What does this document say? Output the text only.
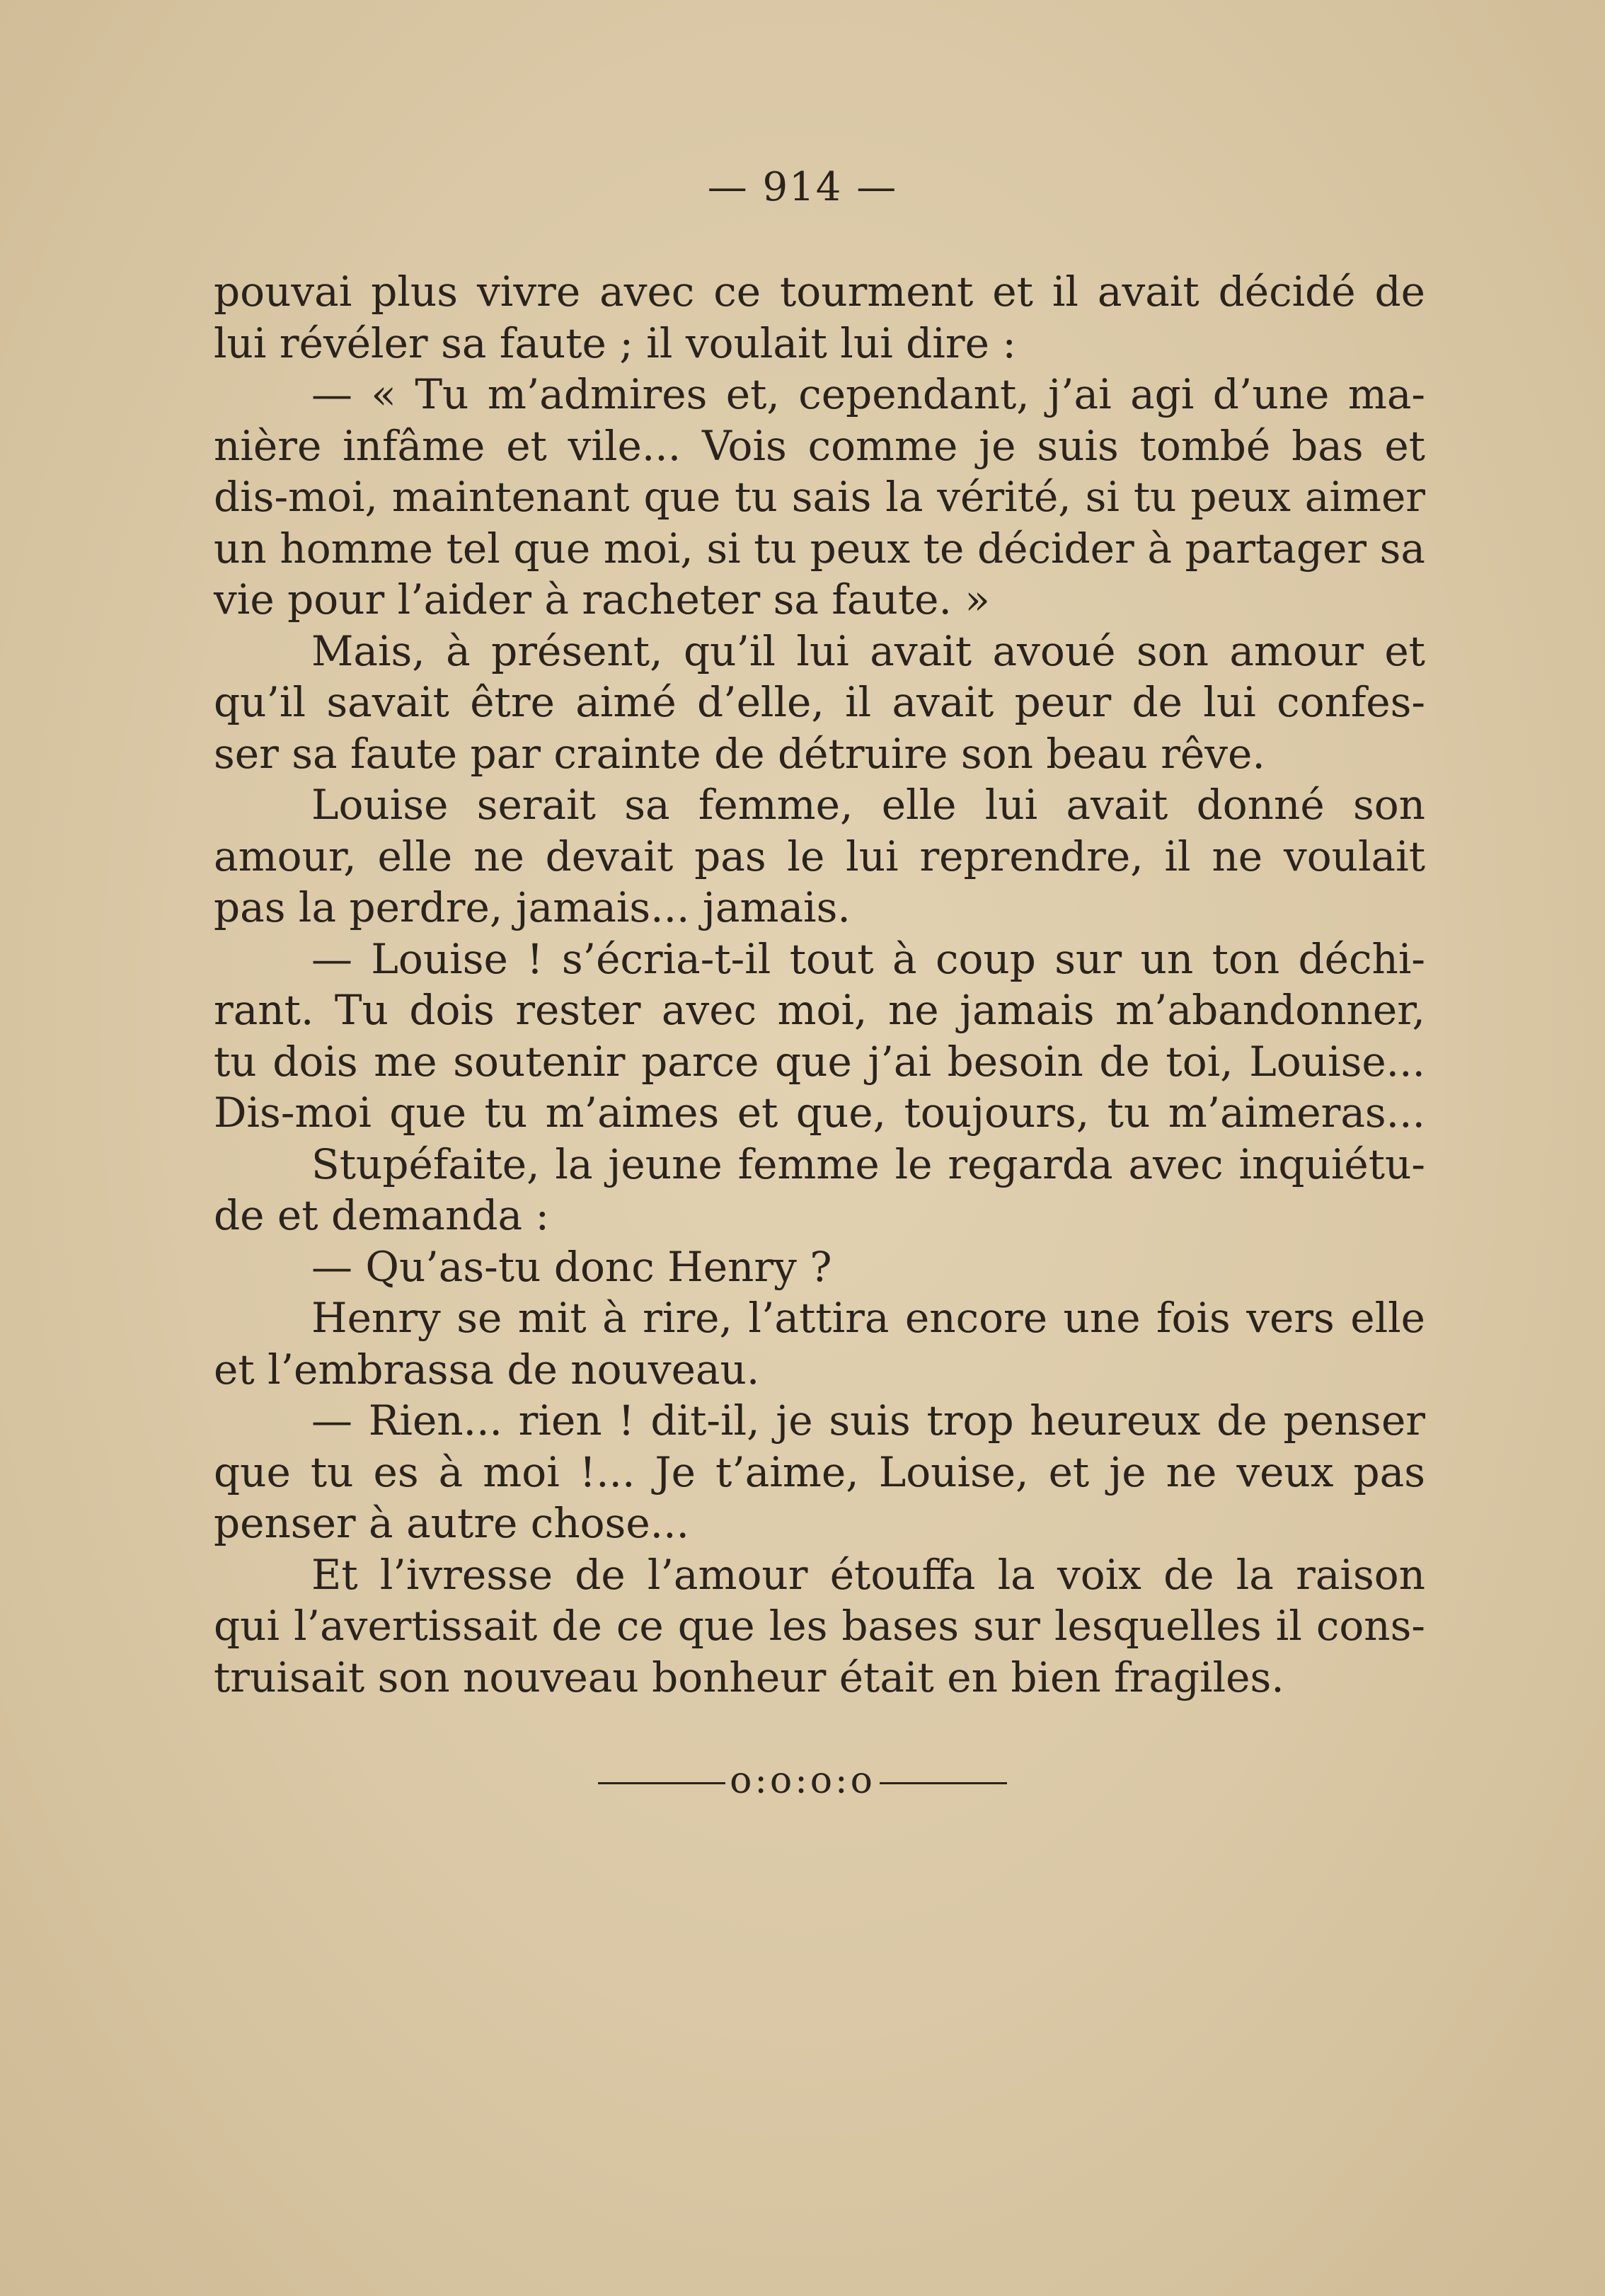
— 914 —
pouvai plus vivre avec ce tourment et il avait décidé de
lui révéler sa faute ; il voulait lui dire :
— « Tu m’admires et, cependant, j’ai agi d’une ma-
nière infâme et vile... Vois comme je suis tombé bas et
dis-moi, maintenant que tu sais la vérité, si tu peux aimer
un homme tel que moi, si tu peux te décider à partager sa
vie pour l’aider à racheter sa faute. »
Mais, à présent, qu’il lui avait avoué son amour et
qu’il savait être aimé d’elle, il avait peur de lui confes-
ser sa faute par crainte de détruire son beau rêve.
Louise serait sa femme, elle lui avait donné son
amour, elle ne devait pas le lui reprendre, il ne voulait
pas la perdre, jamais... jamais.
— Louise ! s’écria-t-il tout à coup sur un ton déchi-
rant. Tu dois rester avec moi, ne jamais m’abandonner,
tu dois me soutenir parce que j’ai besoin de toi, Louise...
Dis-moi que tu m’aimes et que, toujours, tu m’aimeras...
Stupéfaite, la jeune femme le regarda avec inquiétu-
de et demanda :
— Qu’as-tu donc Henry ?
Henry se mit à rire, l’attira encore une fois vers elle
et l’embrassa de nouveau.
— Rien... rien ! dit-il, je suis trop heureux de penser
que tu es à moi !... Je t’aime, Louise, et je ne veux pas
penser à autre chose...
Et l’ivresse de l’amour étouffa la voix de la raison
qui l’avertissait de ce que les bases sur lesquelles il cons-
truisait son nouveau bonheur était en bien fragiles.
o:o:o:o
